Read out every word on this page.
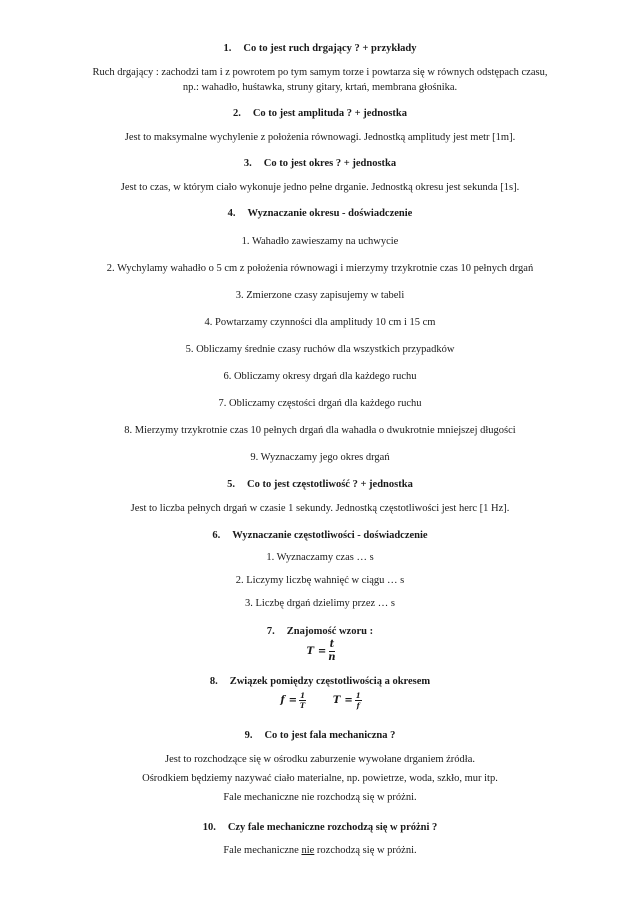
1. Co to jest ruch drgający ? + przykłady
Ruch drgający : zachodzi tam i z powrotem po tym samym torze i powtarza się w równych odstępach czasu,
np.: wahadło, huśtawka, struny gitary, krtań, membrana głośnika.
2. Co to jest amplituda ? + jednostka
Jest to maksymalne wychylenie z położenia równowagi. Jednostką amplitudy jest metr [1m].
3. Co to jest okres ? + jednostka
Jest to czas, w którym ciało wykonuje jedno pełne drganie. Jednostką okresu jest sekunda [1s].
4. Wyznaczanie okresu - doświadczenie
1. Wahadło zawieszamy na uchwycie
2. Wychylamy wahadło o 5 cm z położenia równowagi i mierzymy trzykrotnie czas 10 pełnych drgań
3. Zmierzone czasy zapisujemy w tabeli
4. Powtarzamy czynności dla amplitudy 10 cm i 15 cm
5. Obliczamy średnie czasy ruchów dla wszystkich przypadków
6. Obliczamy okresy drgań dla każdego ruchu
7. Obliczamy częstości drgań dla każdego ruchu
8. Mierzymy trzykrotnie czas 10 pełnych drgań dla wahadła o dwukrotnie mniejszej długości
9. Wyznaczamy jego okres drgań
5. Co to jest częstotliwość ? + jednostka
Jest to liczba pełnych drgań w czasie 1 sekundy. Jednostką częstotliwości jest herc [1 Hz].
6. Wyznaczanie częstotliwości - doświadczenie
1. Wyznaczamy czas … s
2. Liczymy liczbę wahnięć w ciągu … s
3. Liczbę drgań dzielimy przez … s
7. Znajomość wzoru :
$T = \frac{t}{n}$
8. Związek pomiędzy częstotliwością a okresem
$f = \frac{1}{T}$	$T = \frac{1}{f}$
9. Co to jest fala mechaniczna ?
Jest to rozchodzące się w ośrodku zaburzenie wywołane drganiem źródła.
Ośrodkiem będziemy nazywać ciało materialne, np. powietrze, woda, szkło, mur itp.
Fale mechaniczne nie rozchodzą się w próżni.
10. Czy fale mechaniczne rozchodzą się w próżni ?
Fale mechaniczne nie rozchodzą się w próżni.
